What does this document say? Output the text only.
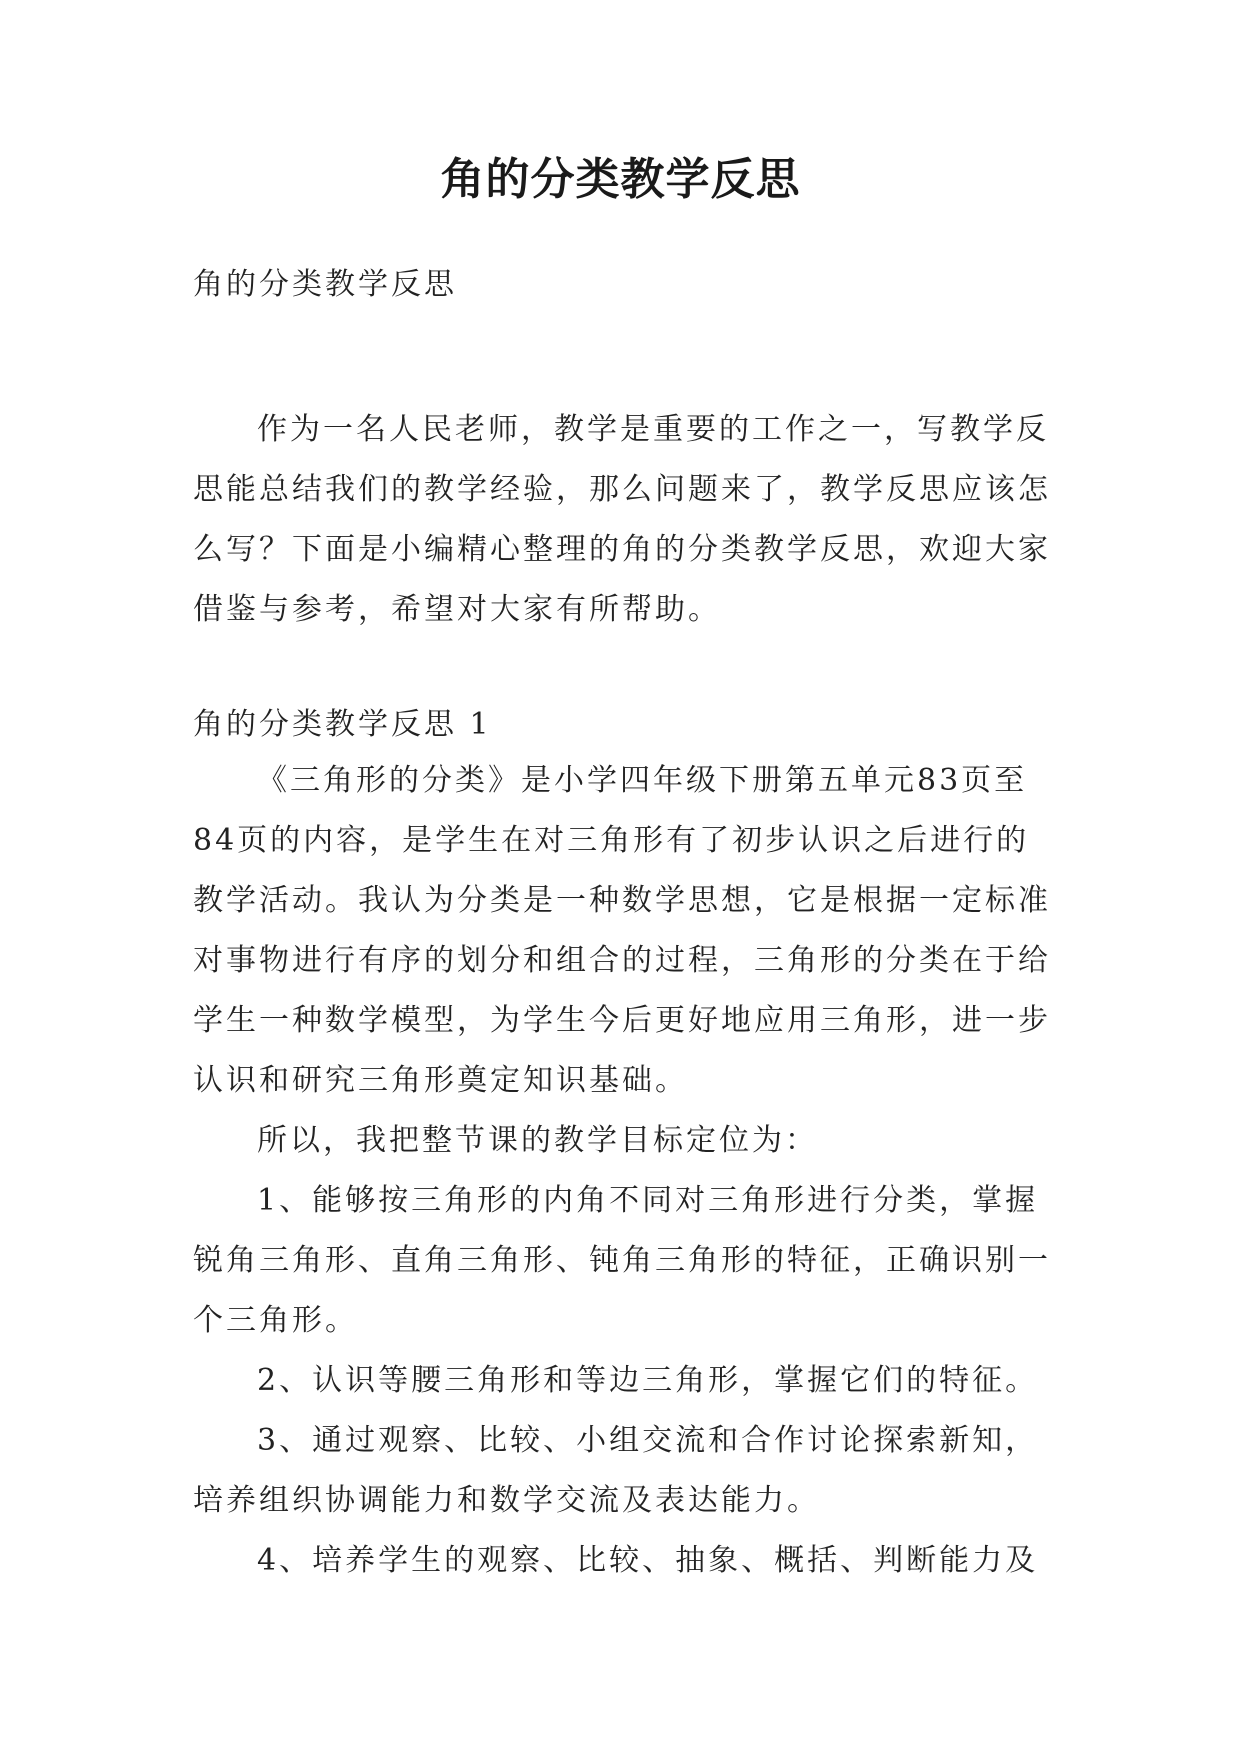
角的分类教学反思
角的分类教学反思
作为一名人民老师，教学是重要的工作之一，写教学反思能总结我们的教学经验，那么问题来了，教学反思应该怎么写？下面是小编精心整理的角的分类教学反思，欢迎大家借鉴与参考，希望对大家有所帮助。
角的分类教学反思 1

《三角形的分类》是小学四年级下册第五单元83页至84页的内容，是学生在对三角形有了初步认识之后进行的教学活动。我认为分类是一种数学思想，它是根据一定标准对事物进行有序的划分和组合的过程，三角形的分类在于给学生一种数学模型，为学生今后更好地应用三角形，进一步认识和研究三角形奠定知识基础。

所以，我把整节课的教学目标定位为：

1、能够按三角形的内角不同对三角形进行分类，掌握锐角三角形、直角三角形、钝角三角形的特征，正确识别一个三角形。

2、认识等腰三角形和等边三角形，掌握它们的特征。

3、通过观察、比较、小组交流和合作讨论探索新知，培养组织协调能力和数学交流及表达能力。

4、培养学生的观察、比较、抽象、概括、判断能力及
